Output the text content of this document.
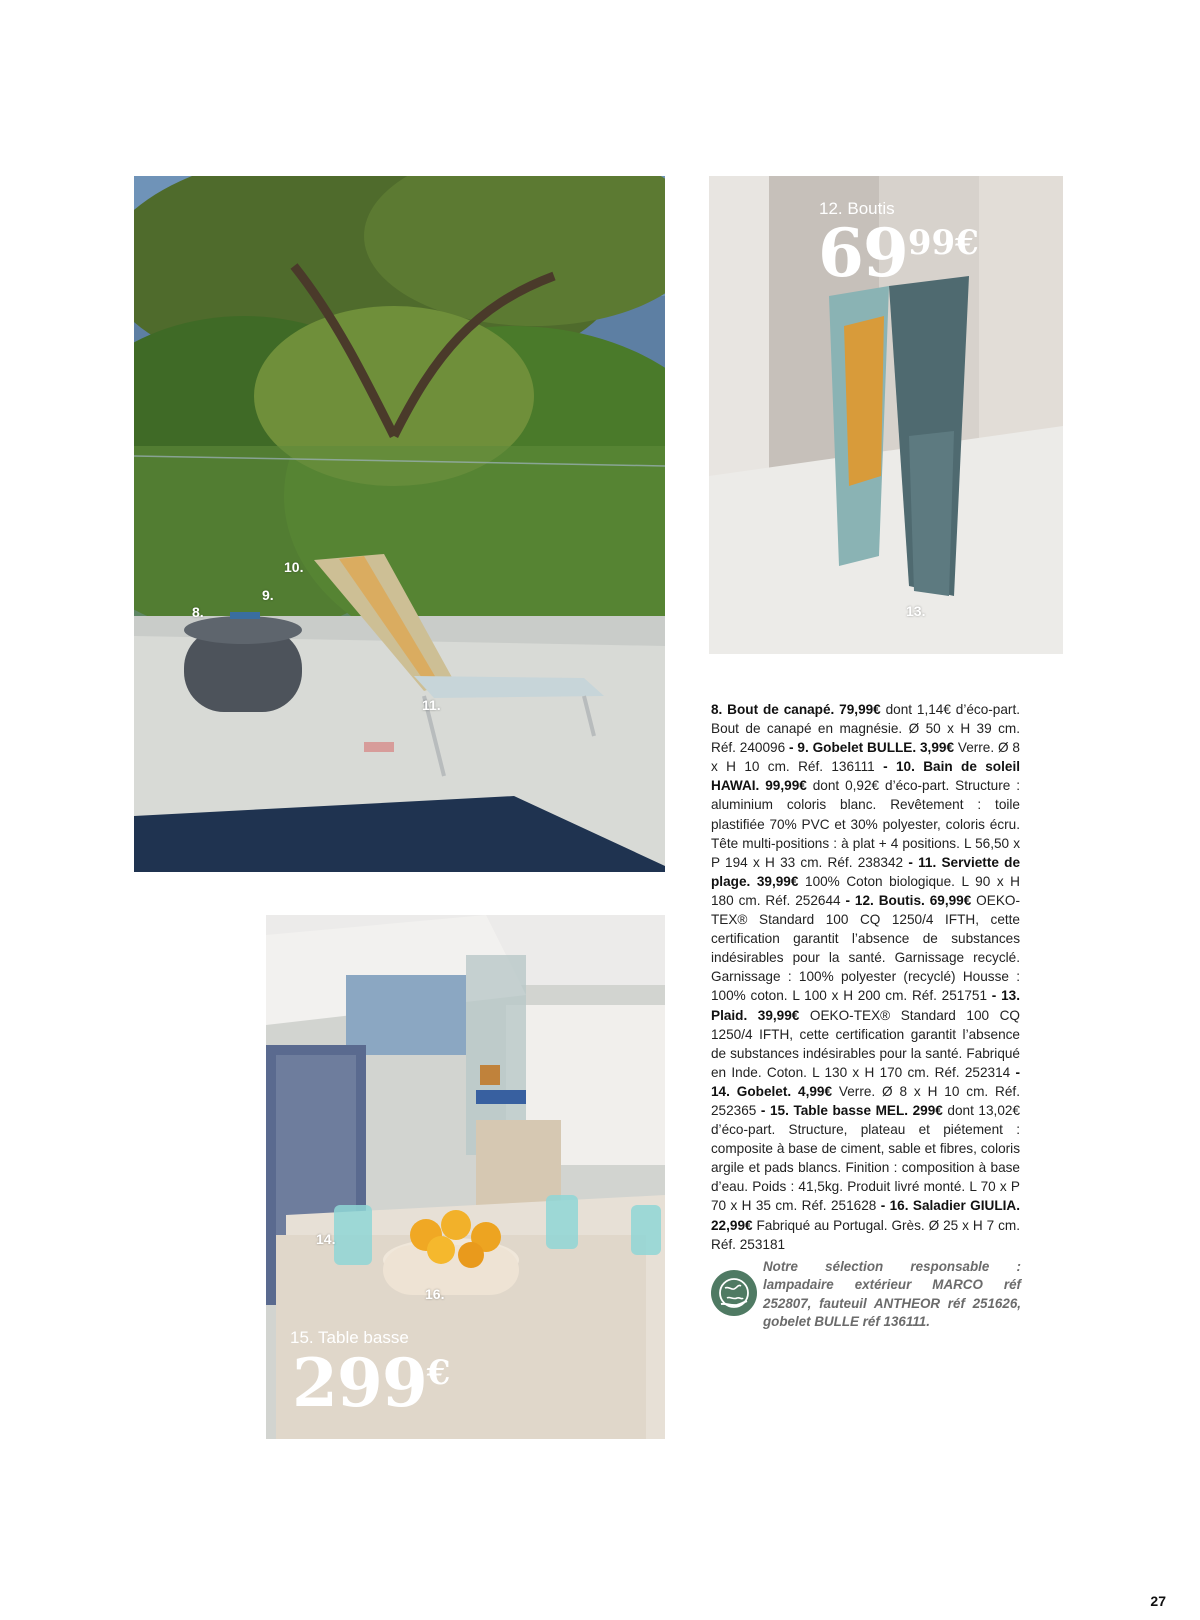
8.
9.
10.
11.
12. Boutis
6999€
13.
14.
16.
15. Table basse
299€
8. Bout de canapé. 79,99€ dont 1,14€ d’éco-part. Bout de canapé en magnésie. Ø 50 x H 39 cm. Réf. 240096 - 9. Gobelet BULLE. 3,99€ Verre. Ø 8 x H 10 cm. Réf. 136111 - 10. Bain de soleil HAWAI. 99,99€ dont 0,92€ d’éco-part. Structure : aluminium coloris blanc. Revêtement : toile plastifiée 70% PVC et 30% polyester, coloris écru. Tête multi-positions : à plat + 4 positions. L 56,50 x P 194 x H 33 cm. Réf. 238342 - 11. Serviette de plage. 39,99€ 100% Coton biologique. L 90 x H 180 cm. Réf. 252644 - 12. Boutis. 69,99€ OEKO-TEX® Standard 100 CQ 1250/4 IFTH, cette certification garantit l’absence de substances indésirables pour la santé. Garnissage recyclé. Garnissage : 100% polyester (recyclé) Housse : 100% coton. L 100 x H 200 cm. Réf. 251751 - 13. Plaid. 39,99€ OEKO-TEX® Standard 100 CQ 1250/4 IFTH, cette certification garantit l’absence de substances indésirables pour la santé. Fabriqué en Inde. Coton. L 130 x H 170 cm. Réf. 252314 - 14. Gobelet. 4,99€ Verre. Ø 8 x H 10 cm. Réf. 252365 - 15. Table basse MEL. 299€ dont 13,02€ d’éco-part. Structure, plateau et piétement : composite à base de ciment, sable et fibres, coloris argile et pads blancs. Finition : composition à base d’eau. Poids : 41,5kg. Produit livré monté. L 70 x P 70 x H 35 cm. Réf. 251628 - 16. Saladier GIULIA. 22,99€ Fabriqué au Portugal. Grès. Ø 25 x H 7 cm. Réf. 253181
Notre sélection responsable : lampadaire extérieur MARCO réf 252807, fauteuil ANTHEOR réf 251626, gobelet BULLE réf 136111.
27
